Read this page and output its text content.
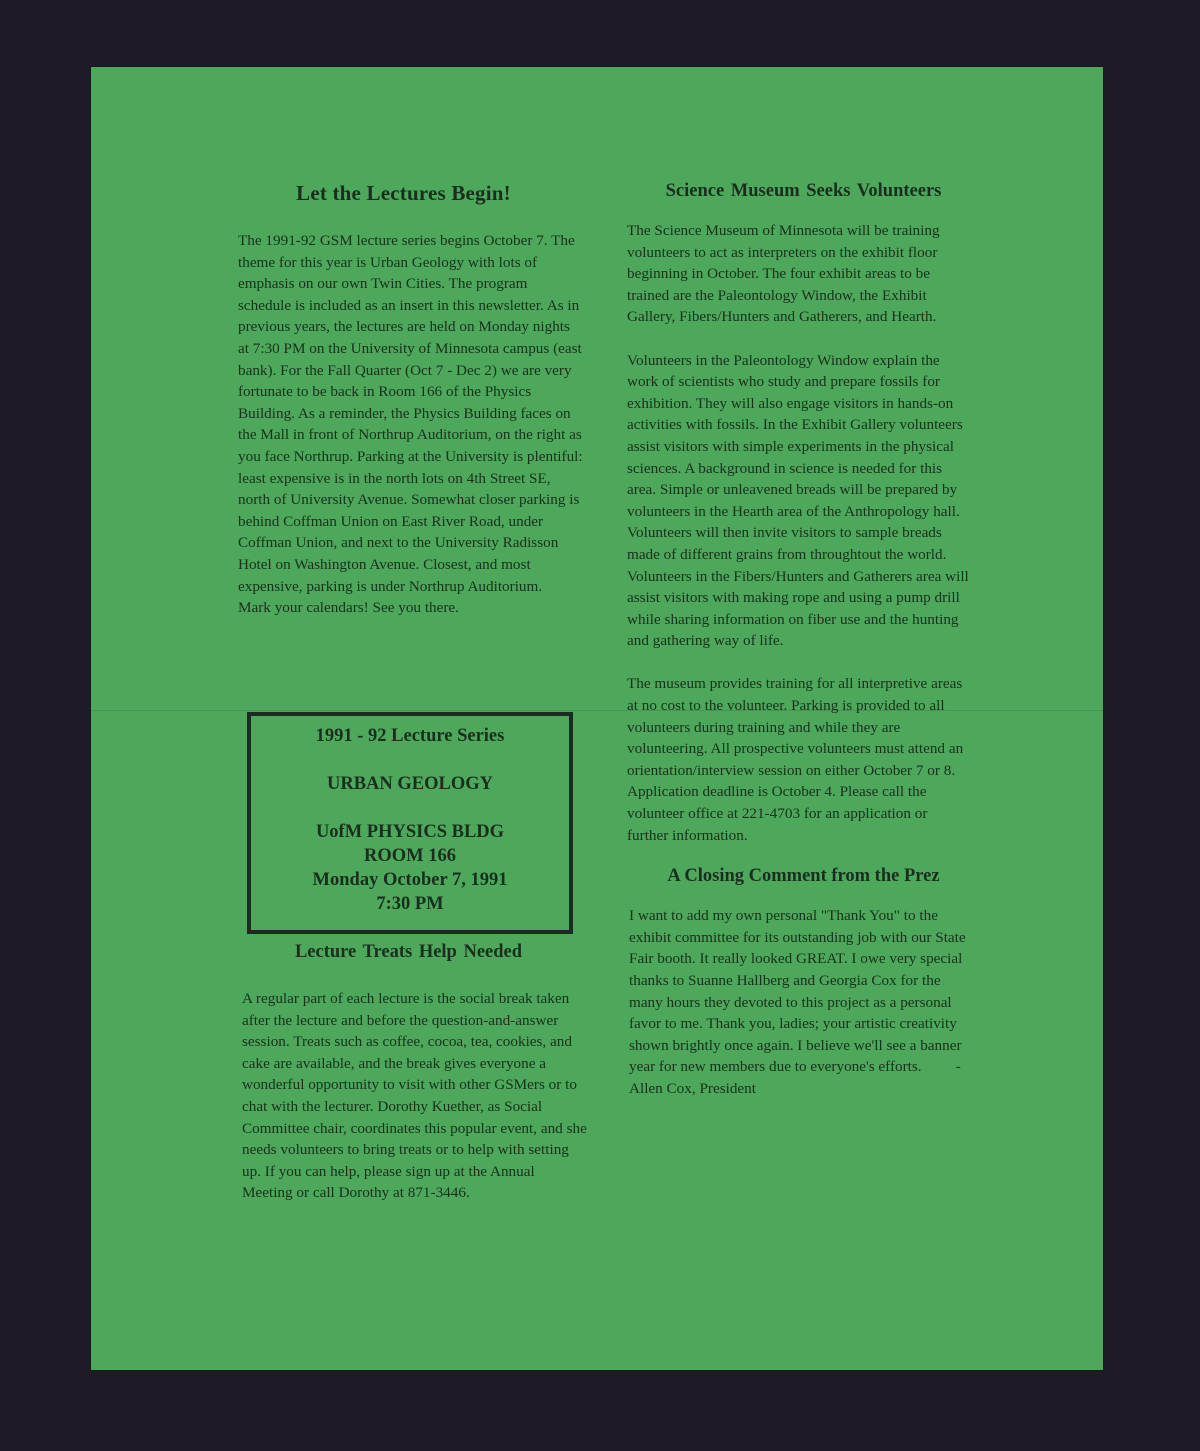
Let the Lectures Begin!

The 1991-92 GSM lecture series begins October 7. The theme for this year is Urban Geology with lots of emphasis on our own Twin Cities. The program schedule is included as an insert in this newsletter. As in previous years, the lectures are held on Monday nights at 7:30 PM on the University of Minnesota campus (east bank). For the Fall Quarter (Oct 7 - Dec 2) we are very fortunate to be back in Room 166 of the Physics Building. As a reminder, the Physics Building faces on the Mall in front of Northrup Auditorium, on the right as you face Northrup. Parking at the University is plentiful: least expensive is in the north lots on 4th Street SE, north of University Avenue. Somewhat closer parking is behind Coffman Union on East River Road, under Coffman Union, and next to the University Radisson Hotel on Washington Avenue. Closest, and most expensive, parking is under Northrup Auditorium.

Mark your calendars! See you there.

1991 - 92 Lecture Series
URBAN GEOLOGY
UofM PHYSICS BLDG
ROOM 166
Monday October 7, 1991
7:30 PM
Lecture Treats Help Needed

A regular part of each lecture is the social break taken after the lecture and before the question-and-answer session. Treats such as coffee, cocoa, tea, cookies, and cake are available, and the break gives everyone a wonderful opportunity to visit with other GSMers or to chat with the lecturer. Dorothy Kuether, as Social Committee chair, coordinates this popular event, and she needs volunteers to bring treats or to help with setting up. If you can help, please sign up at the Annual Meeting or call Dorothy at 871-3446.

Science Museum Seeks Volunteers

The Science Museum of Minnesota will be training volunteers to act as interpreters on the exhibit floor beginning in October. The four exhibit areas to be trained are the Paleontology Window, the Exhibit Gallery, Fibers/Hunters and Gatherers, and Hearth.

Volunteers in the Paleontology Window explain the work of scientists who study and prepare fossils for exhibition. They will also engage visitors in hands-on activities with fossils. In the Exhibit Gallery volunteers assist visitors with simple experiments in the physical sciences. A background in science is needed for this area. Simple or unleavened breads will be prepared by volunteers in the Hearth area of the Anthropology hall. Volunteers will then invite visitors to sample breads made of different grains from throughtout the world. Volunteers in the Fibers/Hunters and Gatherers area will assist visitors with making rope and using a pump drill while sharing information on fiber use and the hunting and gathering way of life.

The museum provides training for all interpretive areas at no cost to the volunteer. Parking is provided to all volunteers during training and while they are volunteering. All prospective volunteers must attend an orientation/interview session on either October 7 or 8. Application deadline is October 4. Please call the volunteer office at 221-4703 for an application or further information.

A Closing Comment from the Prez

I want to add my own personal "Thank You" to the exhibit committee for its outstanding job with our State Fair booth. It really looked GREAT. I owe very special thanks to Suanne Hallberg and Georgia Cox for the many hours they devoted to this project as a personal favor to me. Thank you, ladies; your artistic creativity shown brightly once again. I believe we'll see a banner year for new members due to everyone's efforts. - Allen Cox, President
